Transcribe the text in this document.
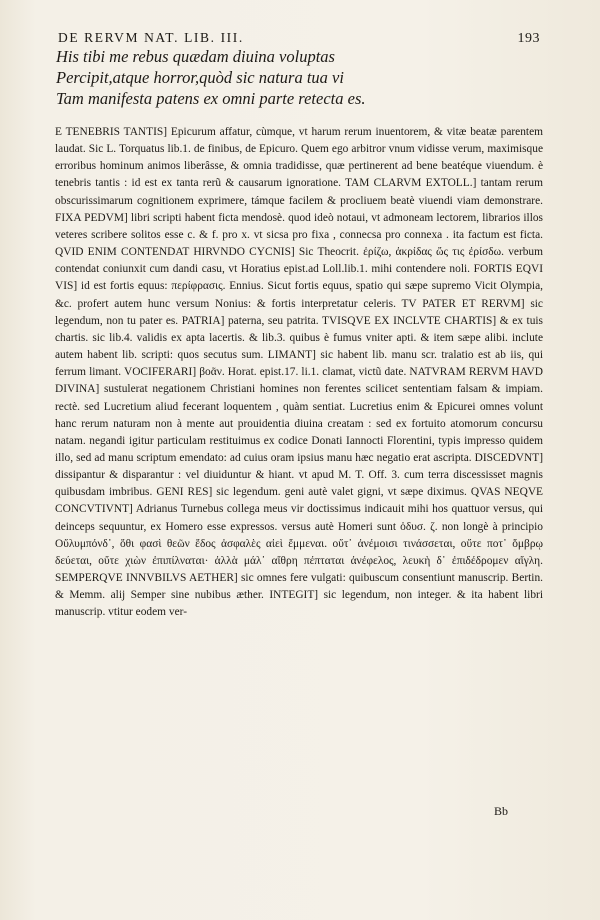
DE RERVM NAT. LIB. III.	193
His tibi me rebus quædam diuina voluptas
Percipit,atque horror,quòd sic natura tua vi
Tam manifesta patens ex omni parte retecta es.

E TENEBRIS TANTIS] Epicurum affatur, cùmque, vt harum rerum inuentorem, & vitæ beatæ parentem laudat. Sic L. Torquatus lib.1. de finibus, de Epicuro. Quem ego arbitror vnum vidisse verum, maximisque erroribus hominum animos liberâsse, & omnia tradidisse, quæ pertinerent ad bene beatéque viuendum. è tenebris tantis : id est ex tanta rerũ & causarum ignoratione. TAM CLARVM EXTOLL.] tantam rerum obscurissimarum cognitionem exprimere, támque facilem & procliuem beatè viuendi viam demonstrare. FIXA PEDVM] libri scripti habent ficta mendosè. quod ideò notaui, vt admoneam lectorem, librarios illos veteres scribere solitos esse c. & f. pro x. vt sicsa pro fixa , connecsa pro connexa . ita factum est ficta. QVID ENIM CONTENDAT HIRVNDO CYCNIS] Sic Theocrit. ἐρίζω, ἀκρίδας ὥς τις ἐρίσδω. verbum contendat coniunxit cum dandi casu, vt Horatius epist.ad Loll.lib.1. mihi contendere noli. FORTIS EQVI VIS] id est fortis equus: περίφρασις. Ennius. Sicut fortis equus, spatio qui sæpe supremo Vicit Olympia, &c. profert autem hunc versum Nonius: & fortis interpretatur celeris. TV PATER ET RERVM] sic legendum, non tu pater es. PATRIA] paterna, seu patrita. TVISQVE EX INCLVTE CHARTIS] & ex tuis chartis. sic lib.4. validis ex apta lacertis. & lib.3. quibus è fumus vniter apti. & item sæpe alibi. inclute autem habent lib. scripti: quos secutus sum. LIMANT] sic habent lib. manu scr. tralatio est ab iis, qui ferrum limant. VOCIFERARI] βοᾶν. Horat. epist.17. li.1. clamat, victũ date. NATVRAM RERVM HAVD DIVINA] sustulerat negationem Christiani homines non ferentes scilicet sententiam falsam & impiam. rectè. sed Lucretium aliud fecerant loquentem , quàm sentiat. Lucretius enim & Epicurei omnes volunt hanc rerum naturam non à mente aut prouidentia diuina creatam : sed ex fortuito atomorum concursu natam. negandi igitur particulam restituimus ex codice Donati Iannocti Florentini, typis impresso quidem illo, sed ad manu scriptum emendato: ad cuius oram ipsius manu hæc negatio erat ascripta. DISCEDVNT] dissipantur & disparantur : vel diuiduntur & hiant. vt apud M. T. Off. 3. cum terra discessisset magnis quibusdam imbribus. GENI RES] sic legendum. geni autè valet gigni, vt sæpe diximus. QVAS NEQVE CONCVTIVNT] Adrianus Turnebus collega meus vir doctissimus indicauit mihi hos quattuor versus, qui deinceps sequuntur, ex Homero esse expressos. versus autè Homeri sunt ὀδυσ. ζ. non longè à principio Οὔλυμπόνδ᾽, ὅθι φασὶ θεῶν ἕδος ἀσφαλὲς αἰεὶ ἔμμεναι. οὔτ᾽ ἀνέμοισι τινάσσεται, οὔτε ποτ᾽ ὄμβρῳ δεύεται, οὔτε χιὼν ἐπιπίλναται· ἀλλὰ μάλ᾽ αἴθρη πέπταται ἀνέφελος, λευκὴ δ᾽ ἐπιδέδρομεν αἴγλη. SEMPERQVE INNVBILVS AETHER] sic omnes fere vulgati: quibuscum consentiunt manuscrip. Bertin. & Memm. alij Semper sine nubibus æther. INTEGIT] sic legendum, non integer. & ita habent libri manuscrip. vtitur eodem ver-

Bb
